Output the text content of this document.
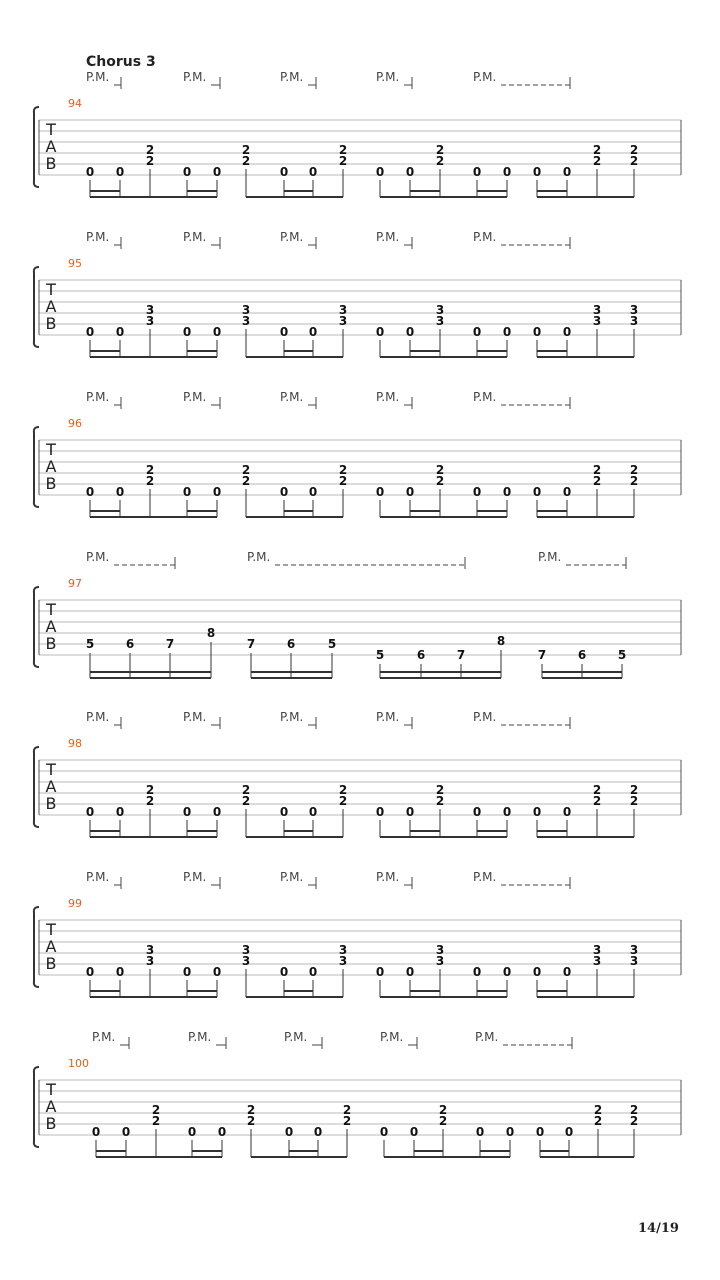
Chorus 3
T
A
B
94
P.M.	P.M.	P.M.	P.M.	P.M.
0 0
2
2
0 0
2
2
0 0
2
2
0 0
2
2
0 0 0 0
2
2
2
2
T
A
B
95
P.M.	P.M.	P.M.	P.M.	P.M.
0 0
3
3
0 0
3
3
0 0
3
3
0 0
3
3
0 0 0 0
3
3
3
3
T
A
B
96
P.M.	P.M.	P.M.	P.M.	P.M.
0 0
2
2
0 0
2
2
0 0
2
2
0 0
2
2
0 0 0 0
2
2
2
2
T
A
B
97
P.M.	P.M.	P.M.
5	6	7
8
7	6	5
5	6	7
8
7	6	5
T
A
B
98
P.M.	P.M.	P.M.	P.M.	P.M.
0 0
2
2
0 0
2
2
0 0
2
2
0 0
2
2
0 0 0 0
2
2
2
2
T
A
B
99
P.M.	P.M.	P.M.	P.M.	P.M.
0 0
3
3
0 0
3
3
0 0
3
3
0 0
3
3
0 0 0 0
3
3
3
3
T
A
B
100
P.M.	P.M.	P.M.	P.M.	P.M.
0 0
2
2
0 0
2
2
0 0
2
2
0 0
2
2
0 0 0 0
2
2
2
2
14/19
